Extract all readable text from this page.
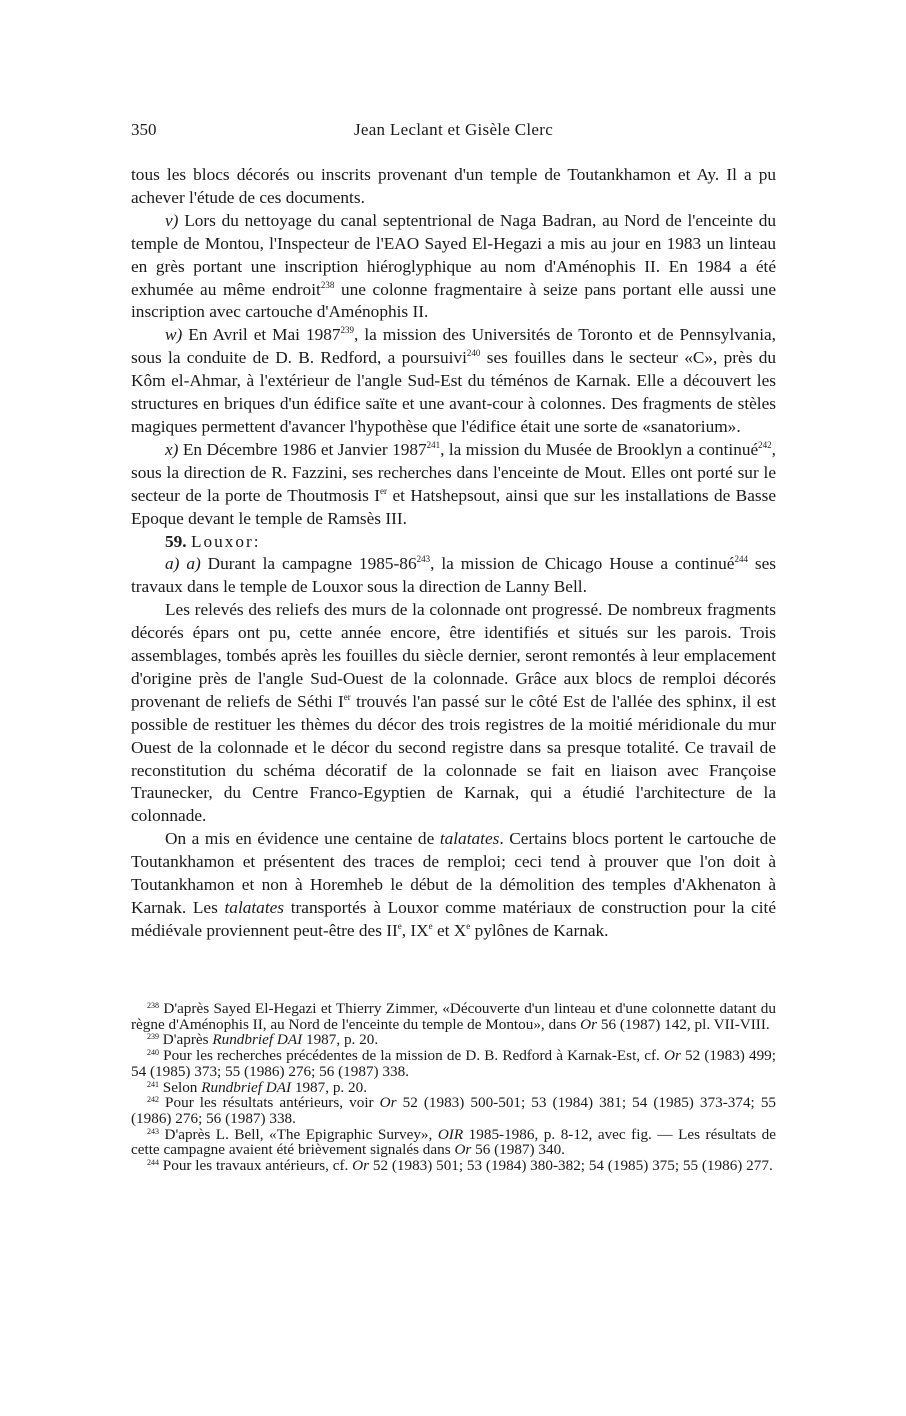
350	Jean Leclant et Gisèle Clerc

tous les blocs décorés ou inscrits provenant d'un temple de Toutankhamon et Ay. Il a pu achever l'étude de ces documents.

v) Lors du nettoyage du canal septentrional de Naga Badran, au Nord de l'enceinte du temple de Montou, l'Inspecteur de l'EAO Sayed El-Hegazi a mis au jour en 1983 un linteau en grès portant une inscription hiéroglyphique au nom d'Aménophis II. En 1984 a été exhumée au même endroit$^{238}$ une colonne fragmentaire à seize pans portant elle aussi une inscription avec cartouche d'Aménophis II.

w) En Avril et Mai 1987$^{239}$, la mission des Universités de Toronto et de Pennsylvania, sous la conduite de D. B. Redford, a poursuivi$^{240}$ ses fouilles dans le secteur «C», près du Kôm el-Ahmar, à l'extérieur de l'angle Sud-Est du téménos de Karnak. Elle a découvert les structures en briques d'un édifice saïte et une avant-cour à colonnes. Des fragments de stèles magiques permettent d'avancer l'hypothèse que l'édifice était une sorte de «sanatorium».

x) En Décembre 1986 et Janvier 1987$^{241}$, la mission du Musée de Brooklyn a continué$^{242}$, sous la direction de R. Fazzini, ses recherches dans l'enceinte de Mout. Elles ont porté sur le secteur de la porte de Thoutmosis Ier et Hatshepsout, ainsi que sur les installations de Basse Epoque devant le temple de Ramsès III.

59. Louxor:

a) a) Durant la campagne $1985-86^{243}$, la mission de Chicago House a continué$^{244}$ ses travaux dans le temple de Louxor sous la direction de Lanny Bell.

Les relevés des reliefs des murs de la colonnade ont progressé. De nombreux fragments décorés épars ont pu, cette année encore, être identifiés et situés sur les parois. Trois assemblages, tombés après les fouilles du siècle dernier, seront remontés à leur emplacement d'origine près de l'angle Sud-Ouest de la colonnade. Grâce aux blocs de remploi décorés provenant de reliefs de Séthi Ier trouvés l'an passé sur le côté Est de l'allée des sphinx, il est possible de restituer les thèmes du décor des trois registres de la moitié méridionale du mur Ouest de la colonnade et le décor du second registre dans sa presque totalité. Ce travail de reconstitution du schéma décoratif de la colonnade se fait en liaison avec Françoise Traunecker, du Centre Franco-Egyptien de Karnak, qui a étudié l'architecture de la colonnade.

On a mis en évidence une centaine de talatates. Certains blocs portent le cartouche de Toutankhamon et présentent des traces de remploi; ceci tend à prouver que l'on doit à Toutankhamon et non à Horemheb le début de la démolition des temples d'Akhenaton à Karnak. Les talatates transportés à Louxor comme matériaux de construction pour la cité médiévale proviennent peut-être des IIe, IXe et Xe pylônes de Karnak.

$^{238}$ D'après Sayed El-Hegazi et Thierry Zimmer, «Découverte d'un linteau et d'une colonnette datant du règne d'Aménophis II, au Nord de l'enceinte du temple de Montou», dans Or 56 (1987) 142, pl. VII-VIII.

$^{239}$ D'après Rundbrief DAI 1987, p. 20.

$^{240}$ Pour les recherches précédentes de la mission de D. B. Redford à Karnak-Est, cf. Or 52 (1983) 499; 54 (1985) 373; 55 (1986) 276; 56 (1987) 338.

$^{241}$ Selon Rundbrief DAI 1987, p. 20.

$^{242}$ Pour les résultats antérieurs, voir Or 52 (1983) 500-501; 53 (1984) 381; 54 (1985) 373-374; 55 (1986) 276; 56 (1987) 338.

$^{243}$ D'après L. Bell, «The Epigraphic Survey», OIR 1985-1986, p. 8-12, avec fig. — Les résultats de cette campagne avaient été brièvement signalés dans Or 56 (1987) 340.

$^{244}$ Pour les travaux antérieurs, cf. Or 52 (1983) 501; 53 (1984) 380-382; 54 (1985) 375; 55 (1986) 277.
